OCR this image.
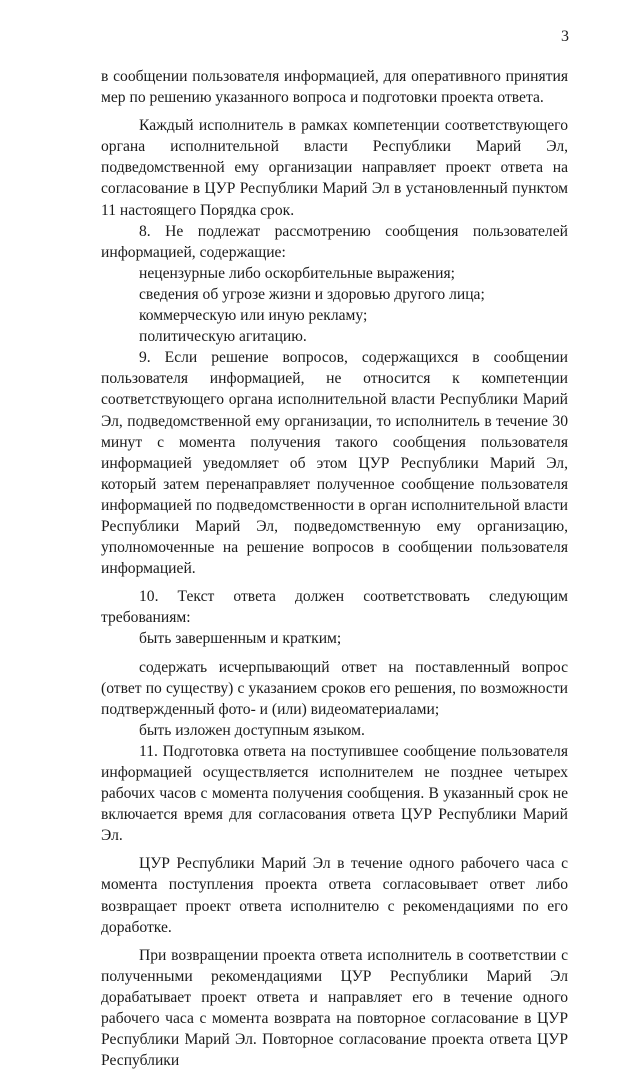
3

в сообщении пользователя информацией, для оперативного принятия мер по решению указанного вопроса и подготовки проекта ответа.

Каждый исполнитель в рамках компетенции соответствующего органа исполнительной власти Республики Марий Эл, подведомственной ему организации направляет проект ответа на согласование в ЦУР Республики Марий Эл в установленный пунктом 11 настоящего Порядка срок.

8. Не подлежат рассмотрению сообщения пользователей информацией, содержащие:

нецензурные либо оскорбительные выражения;

сведения об угрозе жизни и здоровью другого лица;

коммерческую или иную рекламу;

политическую агитацию.

9. Если решение вопросов, содержащихся в сообщении пользователя информацией, не относится к компетенции соответствующего органа исполнительной власти Республики Марий Эл, подведомственной ему организации, то исполнитель в течение 30 минут с момента получения такого сообщения пользователя информацией уведомляет об этом ЦУР Республики Марий Эл, который затем перенаправляет полученное сообщение пользователя информацией по подведомственности в орган исполнительной власти Республики Марий Эл, подведомственную ему организацию, уполномоченные на решение вопросов в сообщении пользователя информацией.

10. Текст ответа должен соответствовать следующим требованиям:

быть завершенным и кратким;

содержать исчерпывающий ответ на поставленный вопрос (ответ по существу) с указанием сроков его решения, по возможности подтвержденный фото- и (или) видеоматериалами;

быть изложен доступным языком.

11. Подготовка ответа на поступившее сообщение пользователя информацией осуществляется исполнителем не позднее четырех рабочих часов с момента получения сообщения. В указанный срок не включается время для согласования ответа ЦУР Республики Марий Эл.

ЦУР Республики Марий Эл в течение одного рабочего часа с момента поступления проекта ответа согласовывает ответ либо возвращает проект ответа исполнителю с рекомендациями по его доработке.

При возвращении проекта ответа исполнитель в соответствии с полученными рекомендациями ЦУР Республики Марий Эл дорабатывает проект ответа и направляет его в течение одного рабочего часа с момента возврата на повторное согласование в ЦУР Республики Марий Эл. Повторное согласование проекта ответа ЦУР Республики
